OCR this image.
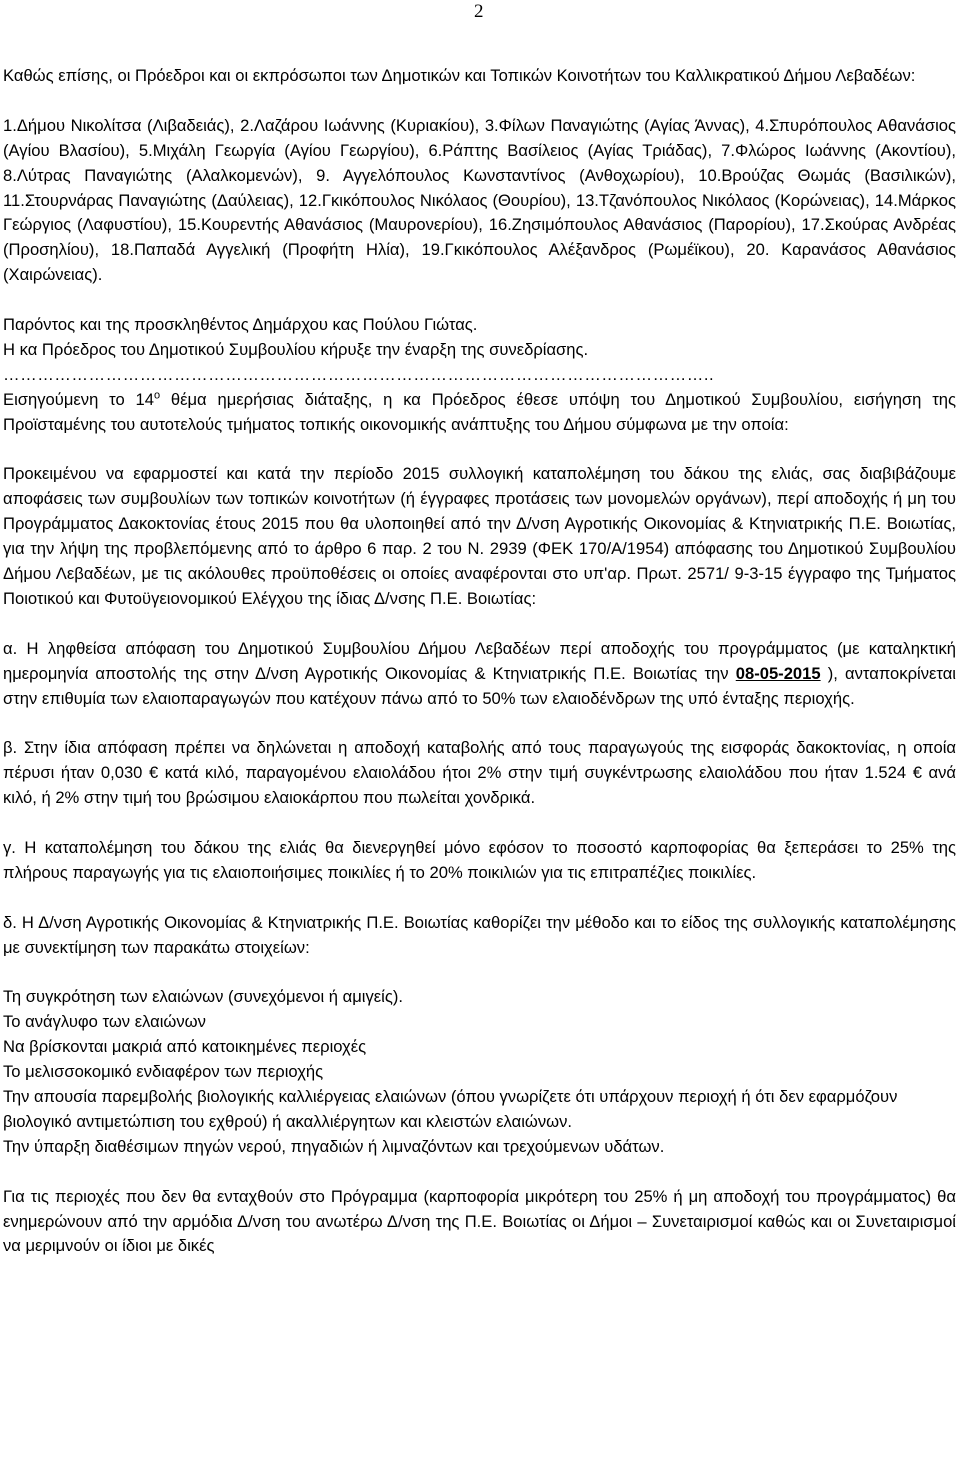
2

Καθώς επίσης, οι Πρόεδροι και οι εκπρόσωποι των Δημοτικών και Τοπικών Κοινοτήτων του Καλλικρατικού Δήμου Λεβαδέων:

1.Δήμου Νικολίτσα (Λιβαδειάς), 2.Λαζάρου Ιωάννης (Κυριακίου), 3.Φίλων Παναγιώτης (Αγίας Άννας), 4.Σπυρόπουλος Αθανάσιος (Αγίου Βλασίου), 5.Μιχάλη Γεωργία (Αγίου Γεωργίου), 6.Ράπτης Βασίλειος (Αγίας Τριάδας), 7.Φλώρος Ιωάννης (Ακοντίου), 8.Λύτρας Παναγιώτης (Αλαλκομενών), 9. Αγγελόπουλος Κωνσταντίνος (Ανθοχωρίου), 10.Βρούζας Θωμάς (Βασιλικών), 11.Στουρνάρας Παναγιώτης (Δαύλειας), 12.Γκικόπουλος Νικόλαος (Θουρίου), 13.Τζανόπουλος Νικόλαος (Κορώνειας), 14.Μάρκος Γεώργιος (Λαφυστίου), 15.Κουρεντής Αθανάσιος (Μαυρονερίου), 16.Ζησιμόπουλος Αθανάσιος (Παρορίου), 17.Σκούρας Ανδρέας (Προσηλίου), 18.Παπαδά Αγγελική (Προφήτη Ηλία), 19.Γκικόπουλος Αλέξανδρος (Ρωμέϊκου), 20. Καρανάσος Αθανάσιος (Χαιρώνειας).

Παρόντος και της προσκληθέντος Δημάρχου κας Πούλου Γιώτας.

Η κα Πρόεδρος του Δημοτικού Συμβουλίου κήρυξε την έναρξη της συνεδρίασης.

……………………………………………………………………………………………………………..

Εισηγούμενη το $14^o$ θέμα ημερήσιας διάταξης, η κα Πρόεδρος έθεσε υπόψη του Δημοτικού Συμβουλίου, εισήγηση της Προϊσταμένης του αυτοτελούς τμήματος τοπικής οικονομικής ανάπτυξης του Δήμου σύμφωνα με την οποία:

Προκειμένου να εφαρμοστεί και κατά την περίοδο 2015 συλλογική καταπολέμηση του δάκου της ελιάς, σας διαβιβάζουμε αποφάσεις των συμβουλίων των τοπικών κοινοτήτων (ή έγγραφες προτάσεις των μονομελών οργάνων), περί αποδοχής ή μη του Προγράμματος Δακοκτονίας έτους 2015 που θα υλοποιηθεί από την Δ/νση Αγροτικής Οικονομίας & Κτηνιατρικής Π.Ε. Βοιωτίας, για την λήψη της προβλεπόμενης από το άρθρο 6 παρ. 2 του Ν. 2939 (ΦΕΚ 170/Α/1954) απόφασης του Δημοτικού Συμβουλίου Δήμου Λεβαδέων, με τις ακόλουθες προϋποθέσεις οι οποίες αναφέρονται στο υπ'αρ. Πρωτ. 2571/ 9-3-15 έγγραφο της Τμήματος Ποιοτικού και Φυτοϋγειονομικού Ελέγχου της ίδιας Δ/νσης Π.Ε. Βοιωτίας:

α. Η ληφθείσα απόφαση του Δημοτικού Συμβουλίου Δήμου Λεβαδέων περί αποδοχής του προγράμματος (με καταληκτική ημερομηνία αποστολής της στην Δ/νση Αγροτικής Οικονομίας & Κτηνιατρικής Π.Ε. Βοιωτίας την 08-05-2015 ), ανταποκρίνεται στην επιθυμία των ελαιοπαραγωγών που κατέχουν πάνω από το 50% των ελαιοδένδρων της υπό ένταξης περιοχής.

β. Στην ίδια απόφαση πρέπει να δηλώνεται η αποδοχή καταβολής από τους παραγωγούς της εισφοράς δακοκτονίας, η οποία πέρυσι ήταν 0,030 € κατά κιλό, παραγομένου ελαιολάδου ήτοι 2% στην τιμή συγκέντρωσης ελαιολάδου που ήταν 1.524 € ανά κιλό, ή 2% στην τιμή του βρώσιμου ελαιοκάρπου που πωλείται χονδρικά.

γ. Η καταπολέμηση του δάκου της ελιάς θα διενεργηθεί μόνο εφόσον το ποσοστό καρποφορίας θα ξεπεράσει το 25% της πλήρους παραγωγής για τις ελαιοπoιήσιμες ποικιλίες ή το 20% ποικιλιών για τις επιτραπέζιες ποικιλίες.

δ. Η Δ/νση Αγροτικής Οικονομίας & Κτηνιατρικής Π.Ε. Βοιωτίας καθορίζει την μέθοδο και το είδος της συλλογικής καταπολέμησης με συνεκτίμηση των παρακάτω στοιχείων:

Τη συγκρότηση των ελαιώνων (συνεχόμενοι ή αμιγείς).

Το ανάγλυφο των ελαιώνων

Να βρίσκονται μακριά από κατοικημένες περιοχές

Το μελισσοκομικό ενδιαφέρον των περιοχής

Την απουσία παρεμβολής βιολογικής καλλιέργειας ελαιώνων (όπου γνωρίζετε ότι υπάρχουν περιοχή ή ότι δεν εφαρμόζουν βιολογικό αντιμετώπιση του εχθρού) ή ακαλλιέργητων και κλειστών ελαιώνων.

Την ύπαρξη διαθέσιμων πηγών νερού, πηγαδιών ή λιμναζόντων και τρεχούμενων υδάτων.

Για τις περιοχές που δεν θα ενταχθούν στο Πρόγραμμα (καρποφορία μικρότερη του 25% ή μη αποδοχή του προγράμματος) θα ενημερώνουν από την αρμόδια Δ/νση του ανωτέρω Δ/νση της Π.Ε. Βοιωτίας οι Δήμοι – Συνεταιρισμοί καθώς και οι Συνεταιρισμοί να μεριμνούν οι ίδιοι με δικές
